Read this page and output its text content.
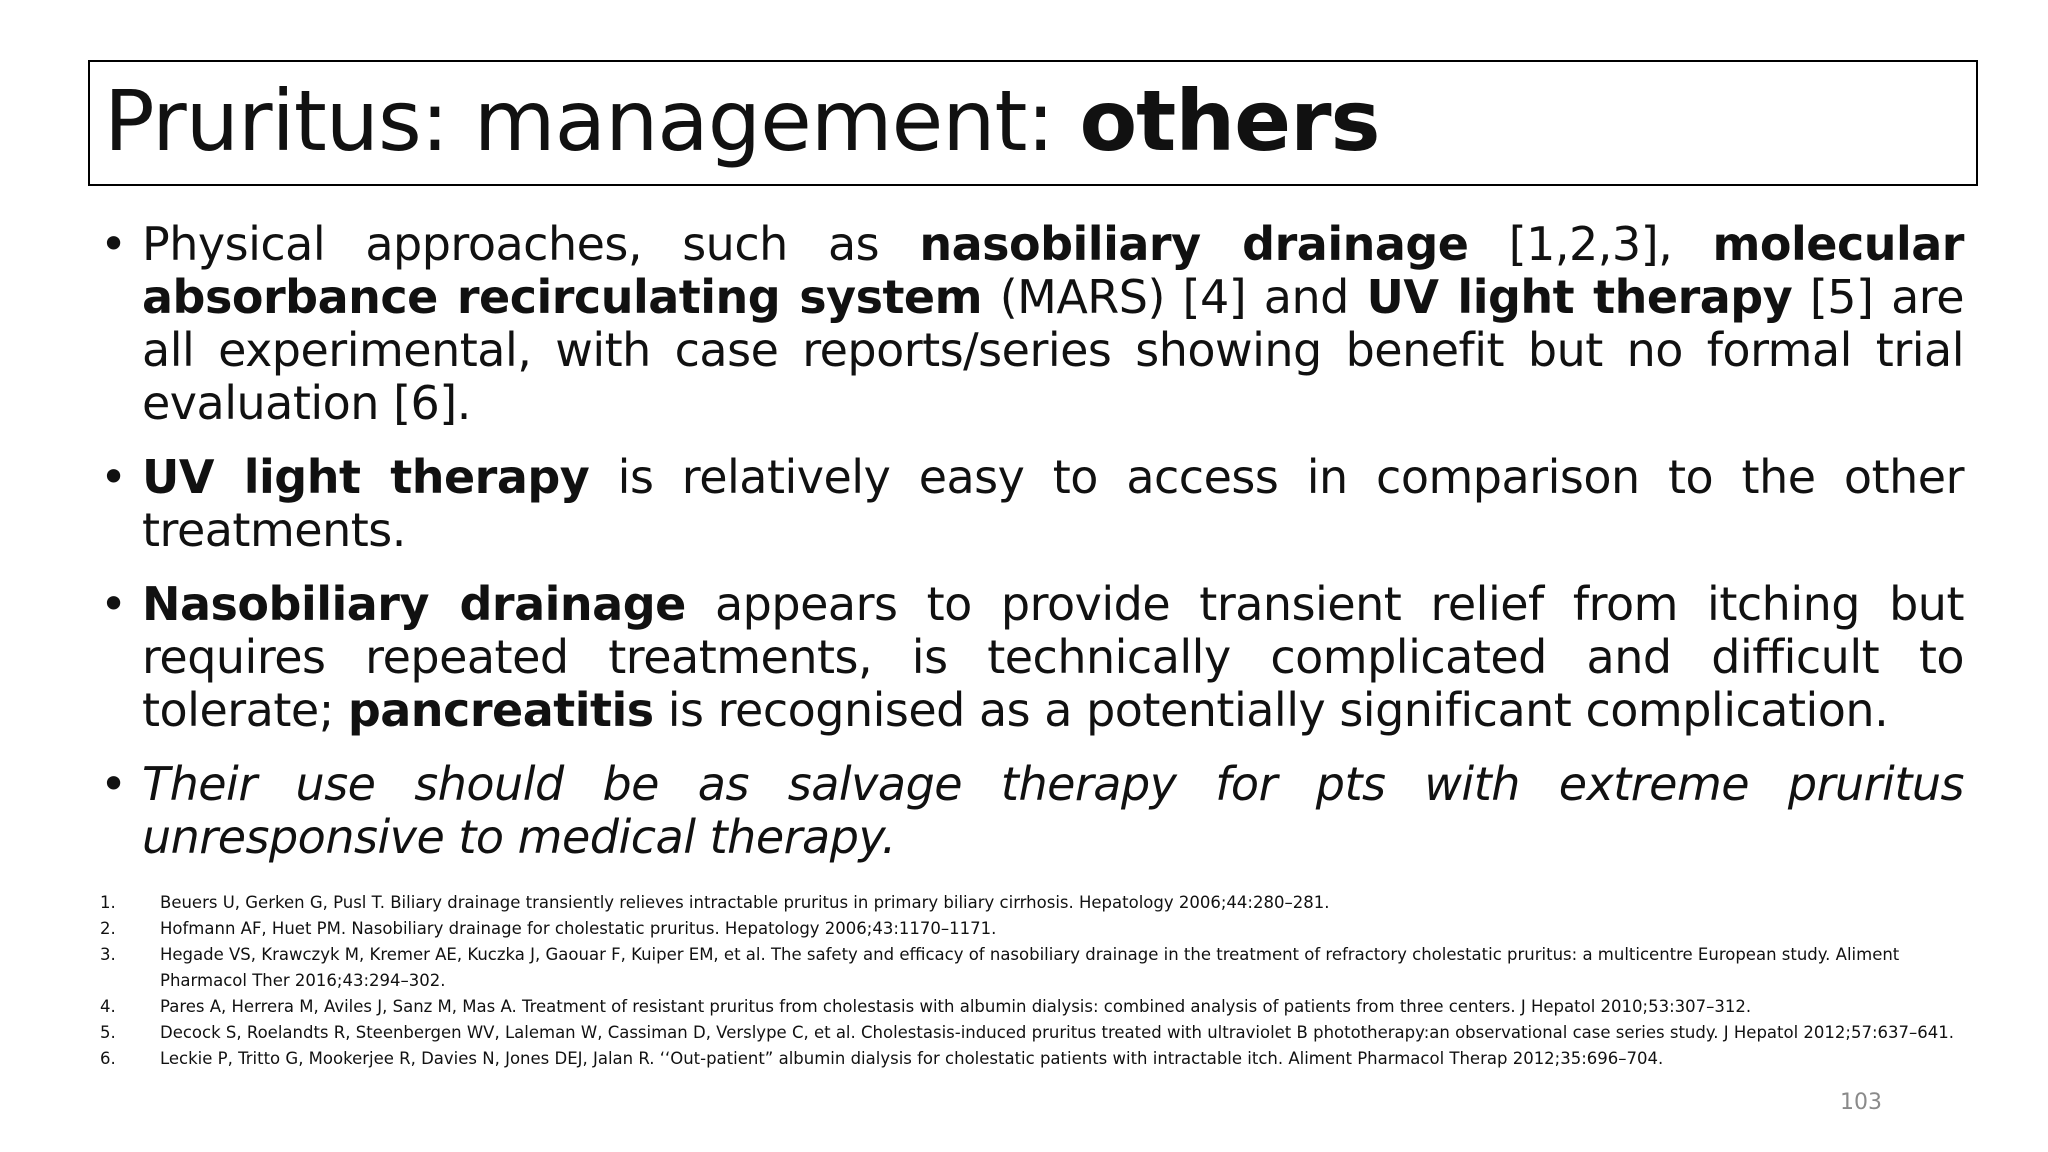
Pruritus: management: others
• Physical approaches, such as nasobiliary drainage [1,2,3], molecular absorbance recirculating system (MARS) [4] and UV light therapy [5] are all experimental, with case reports/series showing benefit but no formal trial evaluation [6].
• UV light therapy is relatively easy to access in comparison to the other treatments.
• Nasobiliary drainage appears to provide transient relief from itching but requires repeated treatments, is technically complicated and difficult to tolerate; pancreatitis is recognised as a potentially significant complication.
• Their use should be as salvage therapy for pts with extreme pruritus unresponsive to medical therapy.
1.	Beuers U, Gerken G, Pusl T. Biliary drainage transiently relieves intractable pruritus in primary biliary cirrhosis. Hepatology 2006;44:280–281.
2.	Hofmann AF, Huet PM. Nasobiliary drainage for cholestatic pruritus. Hepatology 2006;43:1170–1171.
3.	Hegade VS, Krawczyk M, Kremer AE, Kuczka J, Gaouar F, Kuiper EM, et al. The safety and efficacy of nasobiliary drainage in the treatment of refractory cholestatic pruritus: a multicentre European study. Aliment Pharmacol Ther 2016;43:294–302.
4.	Pares A, Herrera M, Aviles J, Sanz M, Mas A. Treatment of resistant pruritus from cholestasis with albumin dialysis: combined analysis of patients from three centers. J Hepatol 2010;53:307–312.
5.	Decock S, Roelandts R, Steenbergen WV, Laleman W, Cassiman D, Verslype C, et al. Cholestasis-induced pruritus treated with ultraviolet B phototherapy:an observational case series study. J Hepatol 2012;57:637–641.
6.	Leckie P, Tritto G, Mookerjee R, Davies N, Jones DEJ, Jalan R. ‘‘Out-patient” albumin dialysis for cholestatic patients with intractable itch. Aliment Pharmacol Therap 2012;35:696–704.
103
